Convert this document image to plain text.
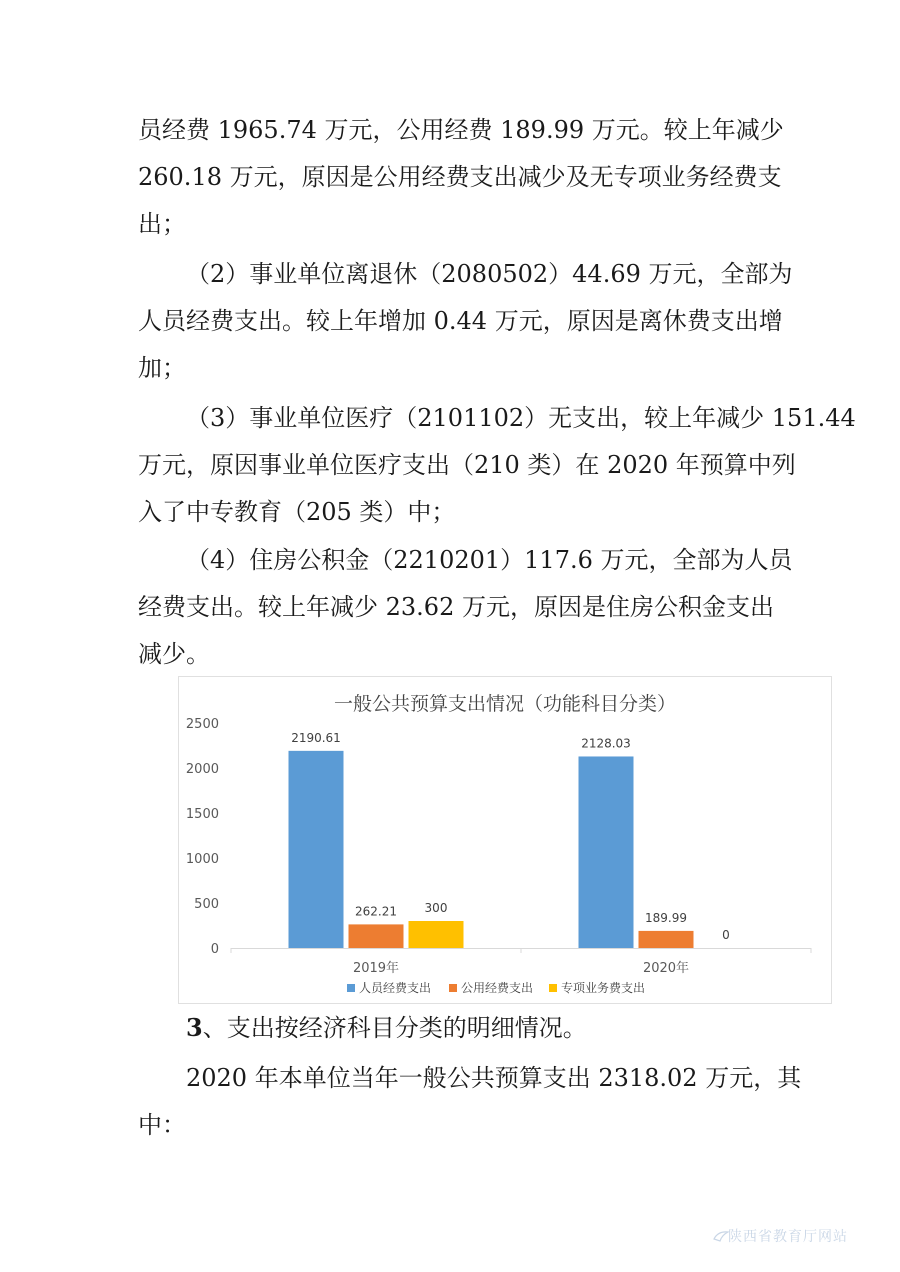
员经费 1965.74 万元，公用经费 189.99 万元。较上年减少
260.18 万元，原因是公用经费支出减少及无专项业务经费支
出；
（2）事业单位离退休（2080502）44.69 万元，全部为
人员经费支出。较上年增加 0.44 万元，原因是离休费支出增
加；
（3）事业单位医疗（2101102）无支出，较上年减少 151.44
万元，原因事业单位医疗支出（210 类）在 2020 年预算中列
入了中专教育（205 类）中；
（4）住房公积金（2210201）117.6 万元，全部为人员
经费支出。较上年减少 23.62 万元，原因是住房公积金支出
减少。
一般公共预算支出情况（功能科目分类）
0
500
1000
1500
2000
2500
2019年	2020年
2190.61
262.21 300
2128.03
189.99
0
人员经费支出 公用经费支出 专项业务费支出
3、支出按经济科目分类的明细情况。
2020 年本单位当年一般公共预算支出 2318.02 万元，其
中：
陕西省教育厅网站
